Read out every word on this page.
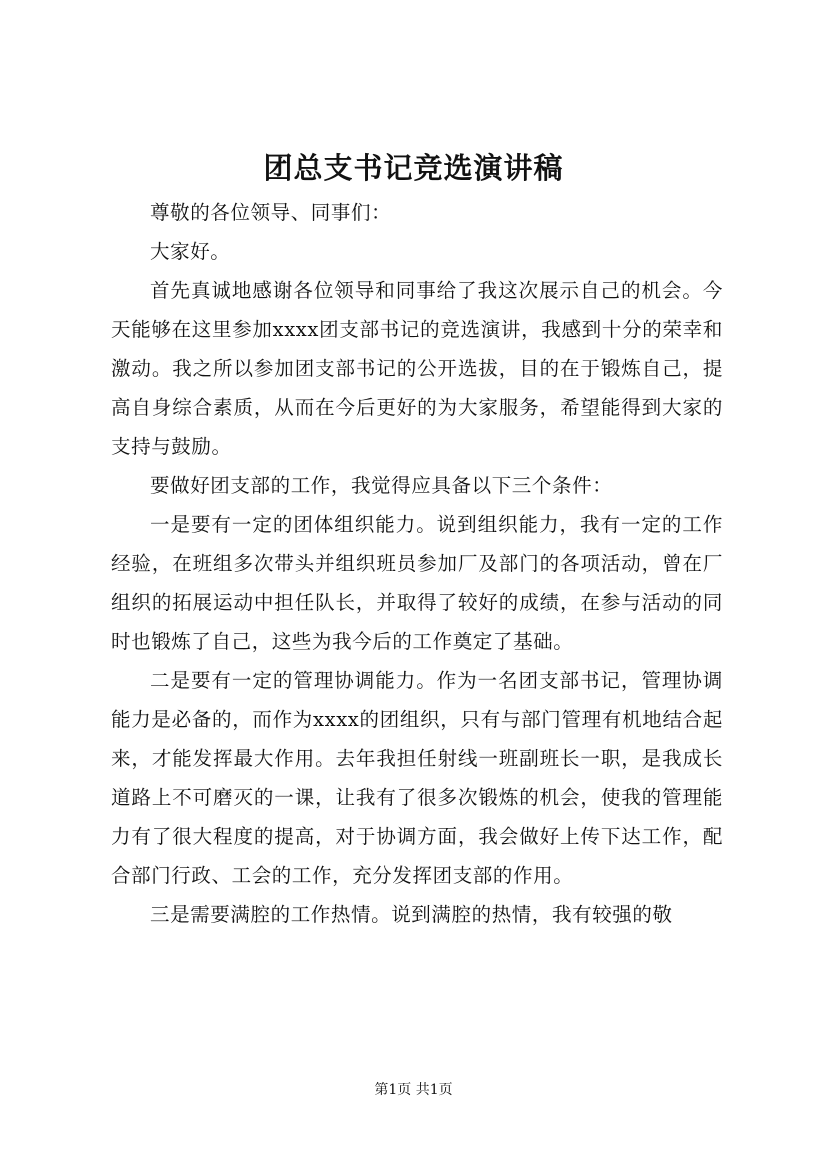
团总支书记竞选演讲稿

尊敬的各位领导、同事们：

大家好。

首先真诚地感谢各位领导和同事给了我这次展示自己的机会。今天能够在这里参加xxxx团支部书记的竞选演讲，我感到十分的荣幸和激动。我之所以参加团支部书记的公开选拔，目的在于锻炼自己，提高自身综合素质，从而在今后更好的为大家服务，希望能得到大家的支持与鼓励。

要做好团支部的工作，我觉得应具备以下三个条件：

一是要有一定的团体组织能力。说到组织能力，我有一定的工作经验，在班组多次带头并组织班员参加厂及部门的各项活动，曾在厂组织的拓展运动中担任队长，并取得了较好的成绩，在参与活动的同时也锻炼了自己，这些为我今后的工作奠定了基础。

二是要有一定的管理协调能力。作为一名团支部书记，管理协调能力是必备的，而作为xxxx的团组织，只有与部门管理有机地结合起来，才能发挥最大作用。去年我担任射线一班副班长一职，是我成长道路上不可磨灭的一课，让我有了很多次锻炼的机会，使我的管理能力有了很大程度的提高，对于协调方面，我会做好上传下达工作，配合部门行政、工会的工作，充分发挥团支部的作用。

三是需要满腔的工作热情。说到满腔的热情，我有较强的敬

第1页 共1页
